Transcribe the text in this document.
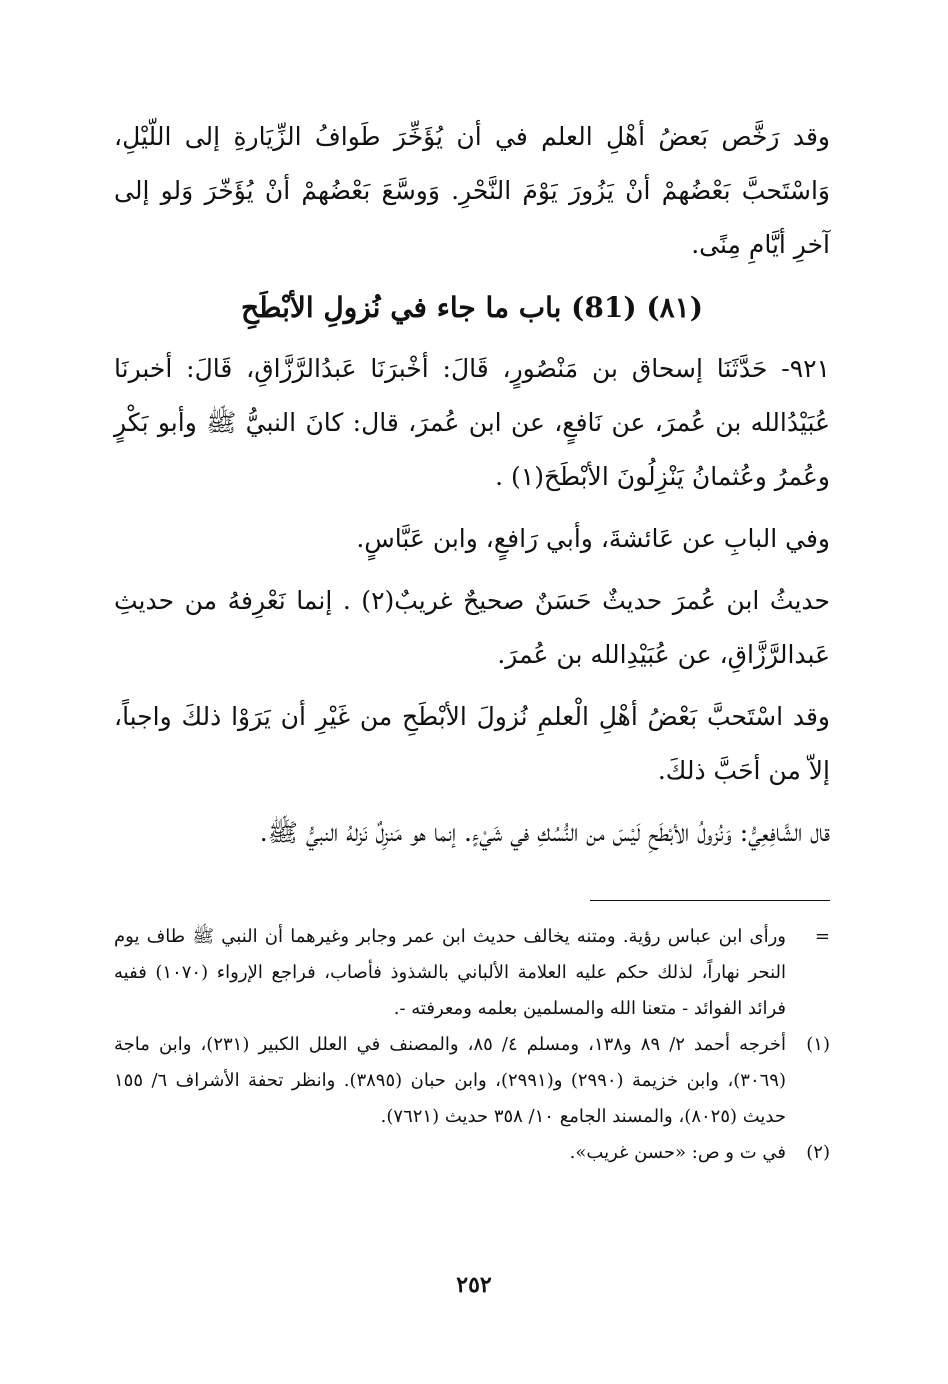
وقد رَخَّص بَعضُ أهْلِ العلم في أن يُؤَخِّرَ طَوافُ الزِّيَارةِ إلى اللّيْلِ، وَاسْتَحبَّ بَعْضُهمْ أنْ يَزُورَ يَوْمَ النَّحْرِ. وَوسَّعَ بَعْضُهمْ أنْ يُؤَخّرَ وَلو إلى آخرِ أيَّامِ مِنًى.

(٨١) (81) باب ما جاء في نُزولِ الأبْطَحِ

٩٢١- حَدَّثَنَا إسحاق بن مَنْصُورٍ، قَالَ: أخْبرَنَا عَبدُالرَّزَّاقِ، قَالَ: أخبرنَا عُبَيْدُالله بن عُمرَ، عن نَافعٍ، عن ابن عُمرَ، قال: كانَ النبيُّ ﷺ وأبو بَكْرٍ وعُمرُ وعُثمانُ يَنْزِلُونَ الأبْطَحَ(١) .

وفي البابِ عن عَائشةَ، وأبي رَافعٍ، وابن عَبَّاسٍ.

حديثُ ابن عُمرَ حديثٌ حَسَنٌ صحيحٌ غريبٌ(٢) . إنما نَعْرِفهُ من حديثِ عَبدالرَّزَّاقِ، عن عُبَيْدِالله بن عُمرَ.

وقد اسْتَحبَّ بَعْضُ أهْلِ الْعلمِ نُزولَ الأبْطَحِ من غَيْرِ أن يَرَوْا ذلكَ واجباً، إلاّ من أحَبَّ ذلكَ.

قال الشَّافِعِيُّ: وَنُزولُ الأبْطَحِ لَيْسَ من النُّسُكِ في شَيْءٍ. إنما هو مَنزِلٌ نَزلهُ النبيُّ ﷺ.

=
ورأى ابن عباس رؤية. ومتنه يخالف حديث ابن عمر وجابر وغيرهما أن النبي ﷺ طاف يوم النحر نهاراً، لذلك حكم عليه العلامة الألباني بالشذوذ فأصاب، فراجع الإرواء (١٠٧٠) ففيه فرائد الفوائد - متعنا الله والمسلمين بعلمه ومعرفته -.
(١)
أخرجه أحمد ٢/ ٨٩ و١٣٨، ومسلم ٤/ ٨٥، والمصنف في العلل الكبير (٢٣١)، وابن ماجة (٣٠٦٩)، وابن خزيمة (٢٩٩٠) و(٢٩٩١)، وابن حبان (٣٨٩٥). وانظر تحفة الأشراف ٦/ ١٥٥ حديث (٨٠٢٥)، والمسند الجامع ١٠/ ٣٥٨ حديث (٧٦٢١).
(٢)
في ت و ص: «حسن غريب».
٢٥٢
